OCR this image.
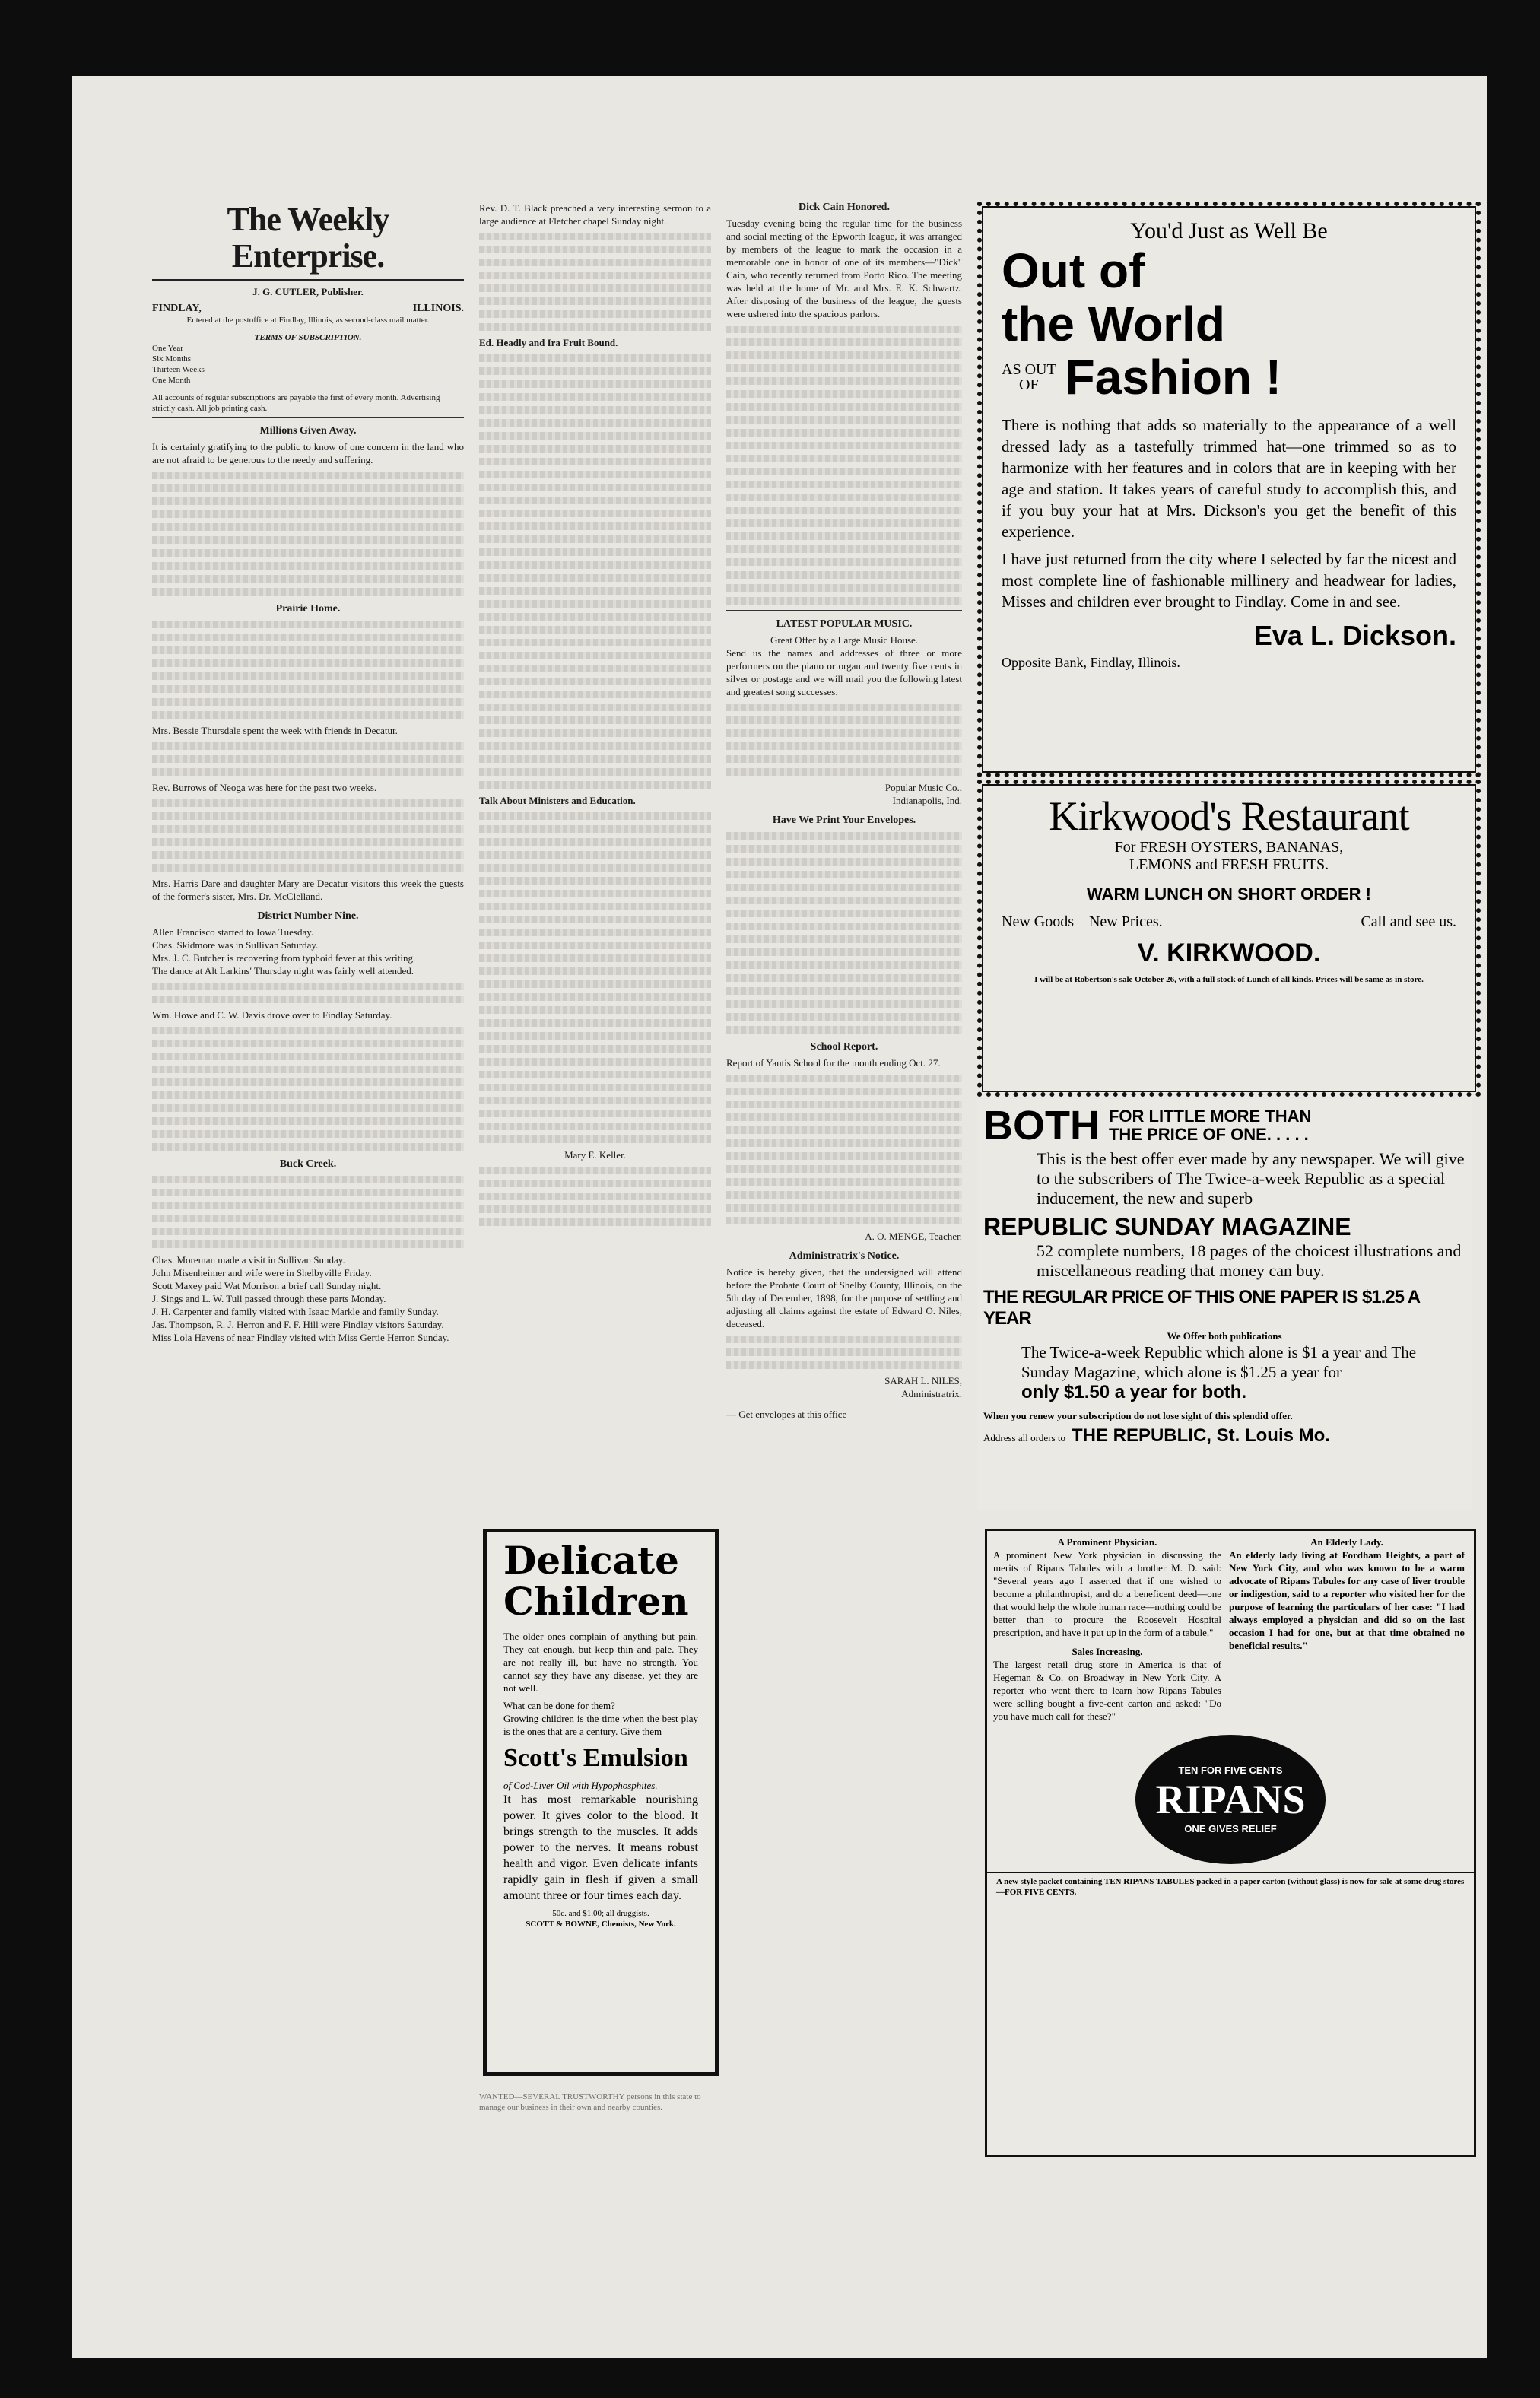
The Weekly Enterprise.
J. G. CUTLER, Publisher.
FINDLAY,	ILLINOIS.
Entered at the postoffice at Findlay, Illinois, as second-class mail matter.
TERMS OF SUBSCRIPTION.
One Year
Six Months
Thirteen Weeks
One Month
All accounts of regular subscriptions are payable the first of every month. Advertising strictly cash. All job printing cash.
Millions Given Away.
It is certainly gratifying to the public to know of one concern in the land who are not afraid to be generous to the needy and suffering.
Prairie Home.
Mrs. Bessie Thursdale spent the week with friends in Decatur.
Rev. Burrows of Neoga was here for the past two weeks.
Mrs. Harris Dare and daughter Mary are Decatur visitors this week the guests of the former's sister, Mrs. Dr. McClelland.
District Number Nine.
Allen Francisco started to Iowa Tuesday.
Chas. Skidmore was in Sullivan Saturday.
Mrs. J. C. Butcher is recovering from typhoid fever at this writing.
The dance at Alt Larkins' Thursday night was fairly well attended.
Wm. Howe and C. W. Davis drove over to Findlay Saturday.
Buck Creek.
Chas. Moreman made a visit in Sullivan Sunday.
John Misenheimer and wife were in Shelbyville Friday.
Scott Maxey paid Wat Morrison a brief call Sunday night.
J. Sings and L. W. Tull passed through these parts Monday.
J. H. Carpenter and family visited with Isaac Markle and family Sunday.
Jas. Thompson, R. J. Herron and F. F. Hill were Findlay visitors Saturday.
Miss Lola Havens of near Findlay visited with Miss Gertie Herron Sunday.
Rev. D. T. Black preached a very interesting sermon to a large audience at Fletcher chapel Sunday night.
Ed. Headly and Ira Fruit Bound.
Talk About Ministers and Education.
Mary E. Keller.
Delicate Children
The older ones complain of anything but pain. They eat enough, but keep thin and pale. They are not really ill, but have no strength. You cannot say they have any disease, yet they are not well.
What can be done for them?
Growing children is the time when the best play is the ones that are a century. Give them
Scott's Emulsion
of Cod-Liver Oil with Hypophosphites.
It has most remarkable nourishing power. It gives color to the blood. It brings strength to the muscles. It adds power to the nerves. It means robust health and vigor. Even delicate infants rapidly gain in flesh if given a small amount three or four times each day.
50c. and $1.00; all druggists.
SCOTT & BOWNE, Chemists, New York.
WANTED—SEVERAL TRUSTWORTHY persons in this state to manage our business in their own and nearby counties.
Dick Cain Honored.
Tuesday evening being the regular time for the business and social meeting of the Epworth league, it was arranged by members of the league to mark the occasion in a memorable one in honor of one of its members—"Dick" Cain, who recently returned from Porto Rico. The meeting was held at the home of Mr. and Mrs. E. K. Schwartz. After disposing of the business of the league, the guests were ushered into the spacious parlors.
LATEST POPULAR MUSIC.
Great Offer by a Large Music House.
Send us the names and addresses of three or more performers on the piano or organ and twenty five cents in silver or postage and we will mail you the following latest and greatest song successes.
Popular Music Co.,
Indianapolis, Ind.
Have We Print Your Envelopes.
School Report.
Report of Yantis School for the month ending Oct. 27.
A. O. MENGE, Teacher.
Administratrix's Notice.
Notice is hereby given, that the undersigned will attend before the Probate Court of Shelby County, Illinois, on the 5th day of December, 1898, for the purpose of settling and adjusting all claims against the estate of Edward O. Niles, deceased.
SARAH L. NILES,
Administratrix.
— Get envelopes at this office
You'd Just as Well Be
Out of
the World
AS OUT
OF Fashion !
There is nothing that adds so materially to the appearance of a well dressed lady as a tastefully trimmed hat—one trimmed so as to harmonize with her features and in colors that are in keeping with her age and station. It takes years of careful study to accomplish this, and if you buy your hat at Mrs. Dickson's you get the benefit of this experience.
I have just returned from the city where I selected by far the nicest and most complete line of fashionable millinery and headwear for ladies, Misses and children ever brought to Findlay. Come in and see.
Eva L. Dickson.
Opposite Bank, Findlay, Illinois.
Kirkwood's Restaurant
For FRESH OYSTERS, BANANAS,
LEMONS and FRESH FRUITS.
WARM LUNCH ON SHORT ORDER !
New Goods—New Prices.	Call and see us.
V. KIRKWOOD.
I will be at Robertson's sale October 26, with a full stock of Lunch of all kinds. Prices will be same as in store.
BOTH FOR LITTLE MORE THAN
THE PRICE OF ONE. . . . .
This is the best offer ever made by any newspaper. We will give to the subscribers of The Twice-a-week Republic as a special inducement, the new and superb
REPUBLIC SUNDAY MAGAZINE
52 complete numbers, 18 pages of the choicest illustrations and miscellaneous reading that money can buy.
THE REGULAR PRICE OF THIS ONE PAPER IS $1.25 A YEAR
We Offer both publications
The Twice-a-week Republic which alone is $1 a year and The Sunday Magazine, which alone is $1.25 a year for
only $1.50 a year for both.
When you renew your subscription do not lose sight of this splendid offer.
Address all orders to THE REPUBLIC, St. Louis Mo.
A Prominent Physician.
A prominent New York physician in discussing the merits of Ripans Tabules with a brother M. D. said: "Several years ago I asserted that if one wished to become a philanthropist, and do a beneficent deed—one that would help the whole human race—nothing could be better than to procure the Roosevelt Hospital prescription, and have it put up in the form of a tabule."
Sales Increasing.
The largest retail drug store in America is that of Hegeman & Co. on Broadway in New York City. A reporter who went there to learn how Ripans Tabules were selling bought a five-cent carton and asked: "Do you have much call for these?"
An Elderly Lady.
An elderly lady living at Fordham Heights, a part of New York City, and who was known to be a warm advocate of Ripans Tabules for any case of liver trouble or indigestion, said to a reporter who visited her for the purpose of learning the particulars of her case: "I had always employed a physician and did so on the last occasion I had for one, but at that time obtained no beneficial results."
TEN FOR FIVE CENTS
RIPANS
ONE GIVES RELIEF
A new style packet containing TEN RIPANS TABULES packed in a paper carton (without glass) is now for sale at some drug stores—FOR FIVE CENTS.
